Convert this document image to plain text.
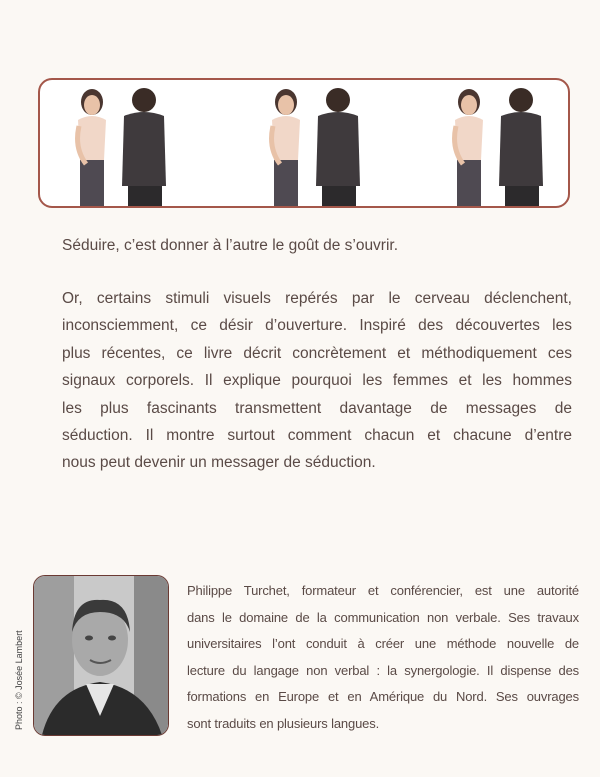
Séduire, c’est donner à l’autre le goût de s’ouvrir.
Or, certains stimuli visuels repérés par le cerveau déclenchent,
inconsciemment, ce désir d’ouverture. Inspiré des découvertes les
plus récentes, ce livre décrit concrètement et méthodiquement ces
signaux corporels. Il explique pourquoi les femmes et les hommes
les plus fascinants transmettent davantage de messages de
séduction. Il montre surtout comment chacun et chacune d’entre
nous peut devenir un messager de séduction.
Photo : © Josée Lambert
Philippe Turchet, formateur et conférencier, est une autorité
dans le domaine de la communication non verbale. Ses travaux
universitaires l’ont conduit à créer une méthode nouvelle de
lecture du langage non verbal : la synergologie. Il dispense des
formations en Europe et en Amérique du Nord. Ses ouvrages
sont traduits en plusieurs langues.
